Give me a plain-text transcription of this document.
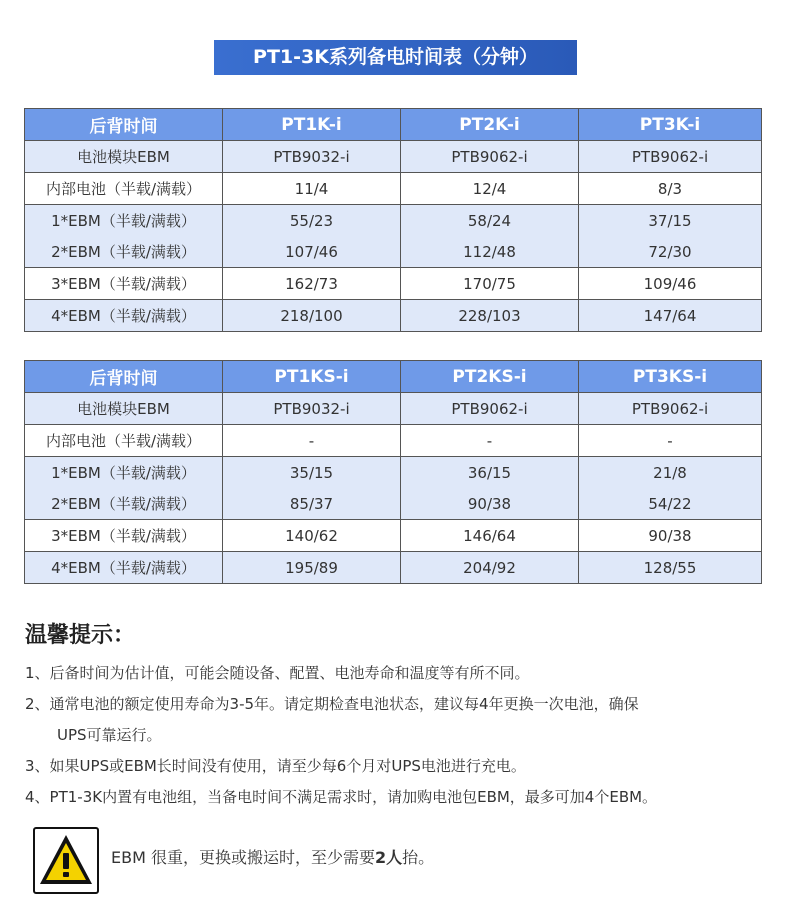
PT1-3K系列备电时间表（分钟）
后背时间	PT1K-i	PT2K-i	PT3K-i
电池模块EBM	PTB9032-i	PTB9062-i	PTB9062-i
内部电池（半载/满载）	11/4	12/4	8/3
1*EBM（半载/满载）	55/23	58/24	37/15
2*EBM（半载/满载）	107/46	112/48	72/30
3*EBM（半载/满载）	162/73	170/75	109/46
4*EBM（半载/满载）	218/100	228/103	147/64
后背时间	PT1KS-i	PT2KS-i	PT3KS-i
电池模块EBM	PTB9032-i	PTB9062-i	PTB9062-i
内部电池（半载/满载）	-	-	-
1*EBM（半载/满载）	35/15	36/15	21/8
2*EBM（半载/满载）	85/37	90/38	54/22
3*EBM（半载/满载）	140/62	146/64	90/38
4*EBM（半载/满载）	195/89	204/92	128/55
温馨提示：
1、后备时间为估计值，可能会随设备、配置、电池寿命和温度等有所不同。
2、通常电池的额定使用寿命为3-5年。请定期检查电池状态，建议每4年更换一次电池，确保
UPS可靠运行。
3、如果UPS或EBM长时间没有使用，请至少每6个月对UPS电池进行充电。
4、PT1-3K内置有电池组，当备电时间不满足需求时，请加购电池包EBM，最多可加4个EBM。
EBM 很重，更换或搬运时，至少需要2人抬。
